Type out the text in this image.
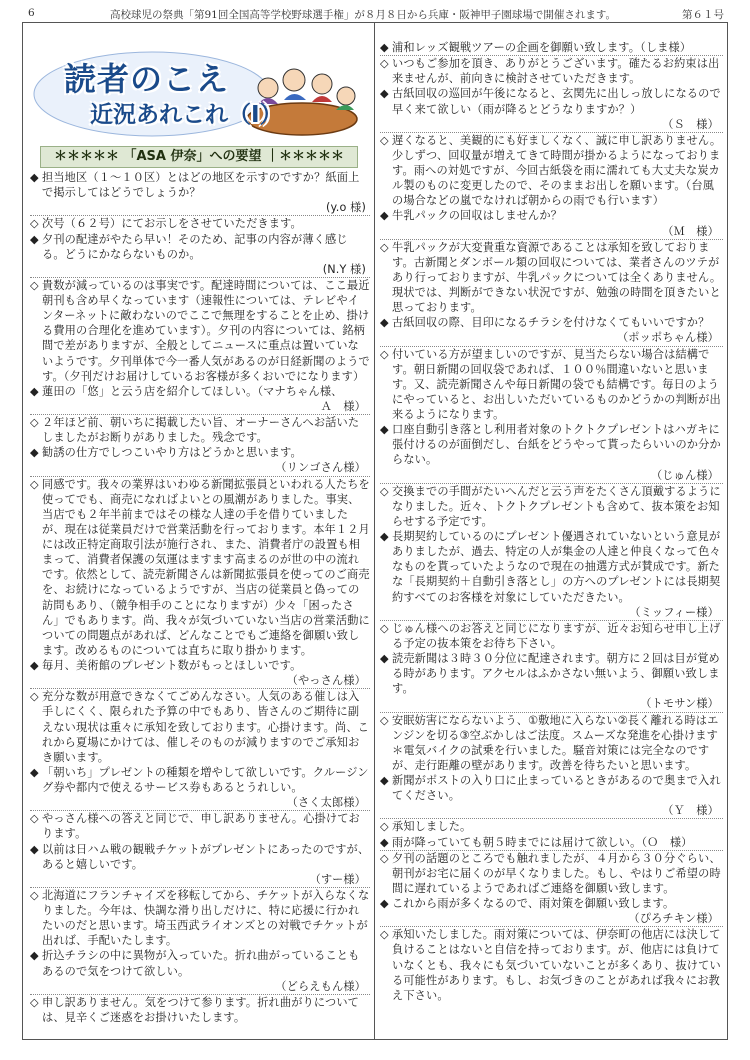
6	高校球児の祭典「第91回全国高等学校野球選手権」が８月８日から兵庫・阪神甲子園球場で開催されます。	第６１号
読者のこえ
近況あれこれ（Ⅰ）
＊＊＊＊＊ 「ASA 伊奈」への要望 ｜＊＊＊＊＊
◆ 担当地区（１〜１０区）とはどの地区を示すのですか？紙面上で掲示してはどうでしょうか？
(y.o 様)
◇ 次号（６２号）にてお示しをさせていただきます。
◆ 夕刊の配達がやたら早い！そのため、記事の内容が薄く感じる。どうにかならないものか。
(N.Y 様)
◇ 貴数が減っているのは事実です。配達時間については、ここ最近朝刊も含め早くなっています（速報性については、テレビやインターネットに敵わないのでここで無理をすることを止め、掛ける費用の合理化を進めています）。夕刊の内容については、銘柄間で差がありますが、全般としてニュースに重点は置いていないようです。夕刊単体で今一番人気があるのが日経新聞のようです。（夕刊だけお届けしているお客様が多くおいでになります）
◆ 蓮田の「悠」と云う店を紹介してほしい。（マナちゃん様、
Ａ　様）
◇ ２年ほど前、朝いちに掲載したい旨、オーナーさんへお話いたしましたがお断りがありました。残念です。
◆ 勧誘の仕方でしつこいやり方はどうかと思います。
（リンゴさん様）
◇ 同感です。我々の業界はいわゆる新聞拡張員といわれる人たちを使ってでも、商売になればよいとの風潮がありました。事実、当店でも２年半前まではその様な人達の手を借りていましたが、現在は従業員だけで営業活動を行っております。本年１２月には改正特定商取引法が施行され、また、消費者庁の設置も相まって、消費者保護の気運はますます高まるのが世の中の流れです。依然として、読売新聞さんは新聞拡張員を使ってのご商売を、お続けになっているようですが、当店の従業員と偽っての訪問もあり、（競争相手のことになりますが）少々「困ったさん」でもあります。尚、我々が気づいていない当店の営業活動についての問題点があれば、どんなことでもご連絡を御願い致します。改めるものについては直ちに取り掛かります。
◆ 毎月、美術館のプレゼント数がもっとほしいです。
（やっさん様）
◇ 充分な数が用意できなくてごめんなさい。人気のある催しは入手しにくく、限られた予算の中でもあり、皆さんのご期待に副えない現状は重々に承知を致しております。心掛けます。尚、これから夏場にかけては、催しそのものが減りますのでご承知おき願います。
◆ 「朝いち」プレゼントの種類を増やして欲しいです。クルージング券や都内で使えるサービス券もあるとうれしい。
（さく太郎様）
◇ やっさん様への答えと同じで、申し訳ありません。心掛けております。
◆ 以前は日ハム戦の観戦チケットがプレゼントにあったのですが、あると嬉しいです。
（すー様）
◇ 北海道にフランチャイズを移転してから、チケットが入らなくなりました。今年は、快調な滑り出しだけに、特に応援に行かれたいのだと思います。埼玉西武ライオンズとの対戦でチケットが出れば、手配いたします。
◆ 折込チラシの中に異物が入っていた。折れ曲がっていることもあるので気をつけて欲しい。
（どらえもん様）
◇ 申し訳ありません。気をつけて参ります。折れ曲がりについては、見辛くご迷惑をお掛けいたします。
◆ 浦和レッズ観戦ツアーの企画を御願い致します。（しま様）
◇ いつもご参加を頂き、ありがとうございます。確たるお約束は出来ませんが、前向きに検討させていただきます。
◆ 古紙回収の巡回が午後になると、玄関先に出しっ放しになるので早く来て欲しい（雨が降るとどうなりますか？）
（Ｓ　様）
◇ 遅くなると、美観的にも好ましくなく、誠に申し訳ありません。少しずつ、回収量が増えてきて時間が掛かるようになっております。雨への対処ですが、今回古紙袋を雨に濡れても大丈夫な炭カル製のものに変更したので、そのままお出しを願います。（台風の場合などの嵐でなければ朝からの雨でも行います）
◆ 牛乳パックの回収はしませんか？
（Ｍ　様）
◇ 牛乳パックが大変貴重な資源であることは承知を致しております。古新聞とダンボール類の回収については、業者さんのツテがあり行っておりますが、牛乳パックについては全くありません。現状では、判断ができない状況ですが、勉強の時間を頂きたいと思っております。
◆ 古紙回収の際、目印になるチラシを付けなくてもいいですか？
（ポッポちゃん様）
◇ 付いている方が望ましいのですが、見当たらない場合は結構です。朝日新聞の回収袋であれば、１００％間違いないと思います。又、読売新聞さんや毎日新聞の袋でも結構です。毎日のようにやっていると、お出しいただいているものかどうかの判断が出来るようになります。
◆ 口座自動引き落とし利用者対象のトクトクプレゼントはハガキに張付けるのが面倒だし、台紙をどうやって貰ったらいいのか分からない。
（じゅん様）
◇ 交換までの手間がたいへんだと云う声をたくさん頂戴するようになりました。近々、トクトクプレゼントも含めて、抜本策をお知らせする予定です。
◆ 長期契約しているのにプレゼント優遇されていないという意見がありましたが、過去、特定の人が集金の人達と仲良くなって色々なものを貰っていたようなので現在の抽選方式が賛成です。新たな「長期契約＋自動引き落とし」の方へのプレゼントには長期契約すべてのお客様を対象にしていただきたい。
（ミッフィー様）
◇ じゅん様へのお答えと同じになりますが、近々お知らせ申し上げる予定の抜本策をお待ち下さい。
◆ 読売新聞は３時３０分位に配達されます。朝方に２回は目が覚める時があります。アクセルはふかさない無いよう、御願い致します。
（トモサン様）
◇ 安眠妨害にならないよう、①敷地に入らない②長く離れる時はエンジンを切る③空ぶかしはご法度。スムーズな発進を心掛けます＊電気バイクの試乗を行いました。騒音対策には完全なのですが、走行距離の壁があります。改善を待ちたいと思います。
◆ 新聞がポストの入り口に止まっているときがあるので奥まで入れてください。
（Ｙ　様）
◇ 承知しました。
◆ 雨が降っていても朝５時までには届けて欲しい。（Ｏ　様）
◇ 夕刊の話題のところでも触れましたが、４月から３０分ぐらい、朝刊がお宅に届くのが早くなりました。もし、やはりご希望の時間に遅れているようであればご連絡を御願い致します。
◆ これから雨が多くなるので、雨対策を御願い致します。
（ぴろチキン様）
◇ 承知いたしました。雨対策については、伊奈町の他店には決して負けることはないと自信を持っております。が、他店には負けていなくとも、我々にも気づいていないことが多くあり、抜けている可能性があります。もし、お気づきのことがあれば我々にお教え下さい。
